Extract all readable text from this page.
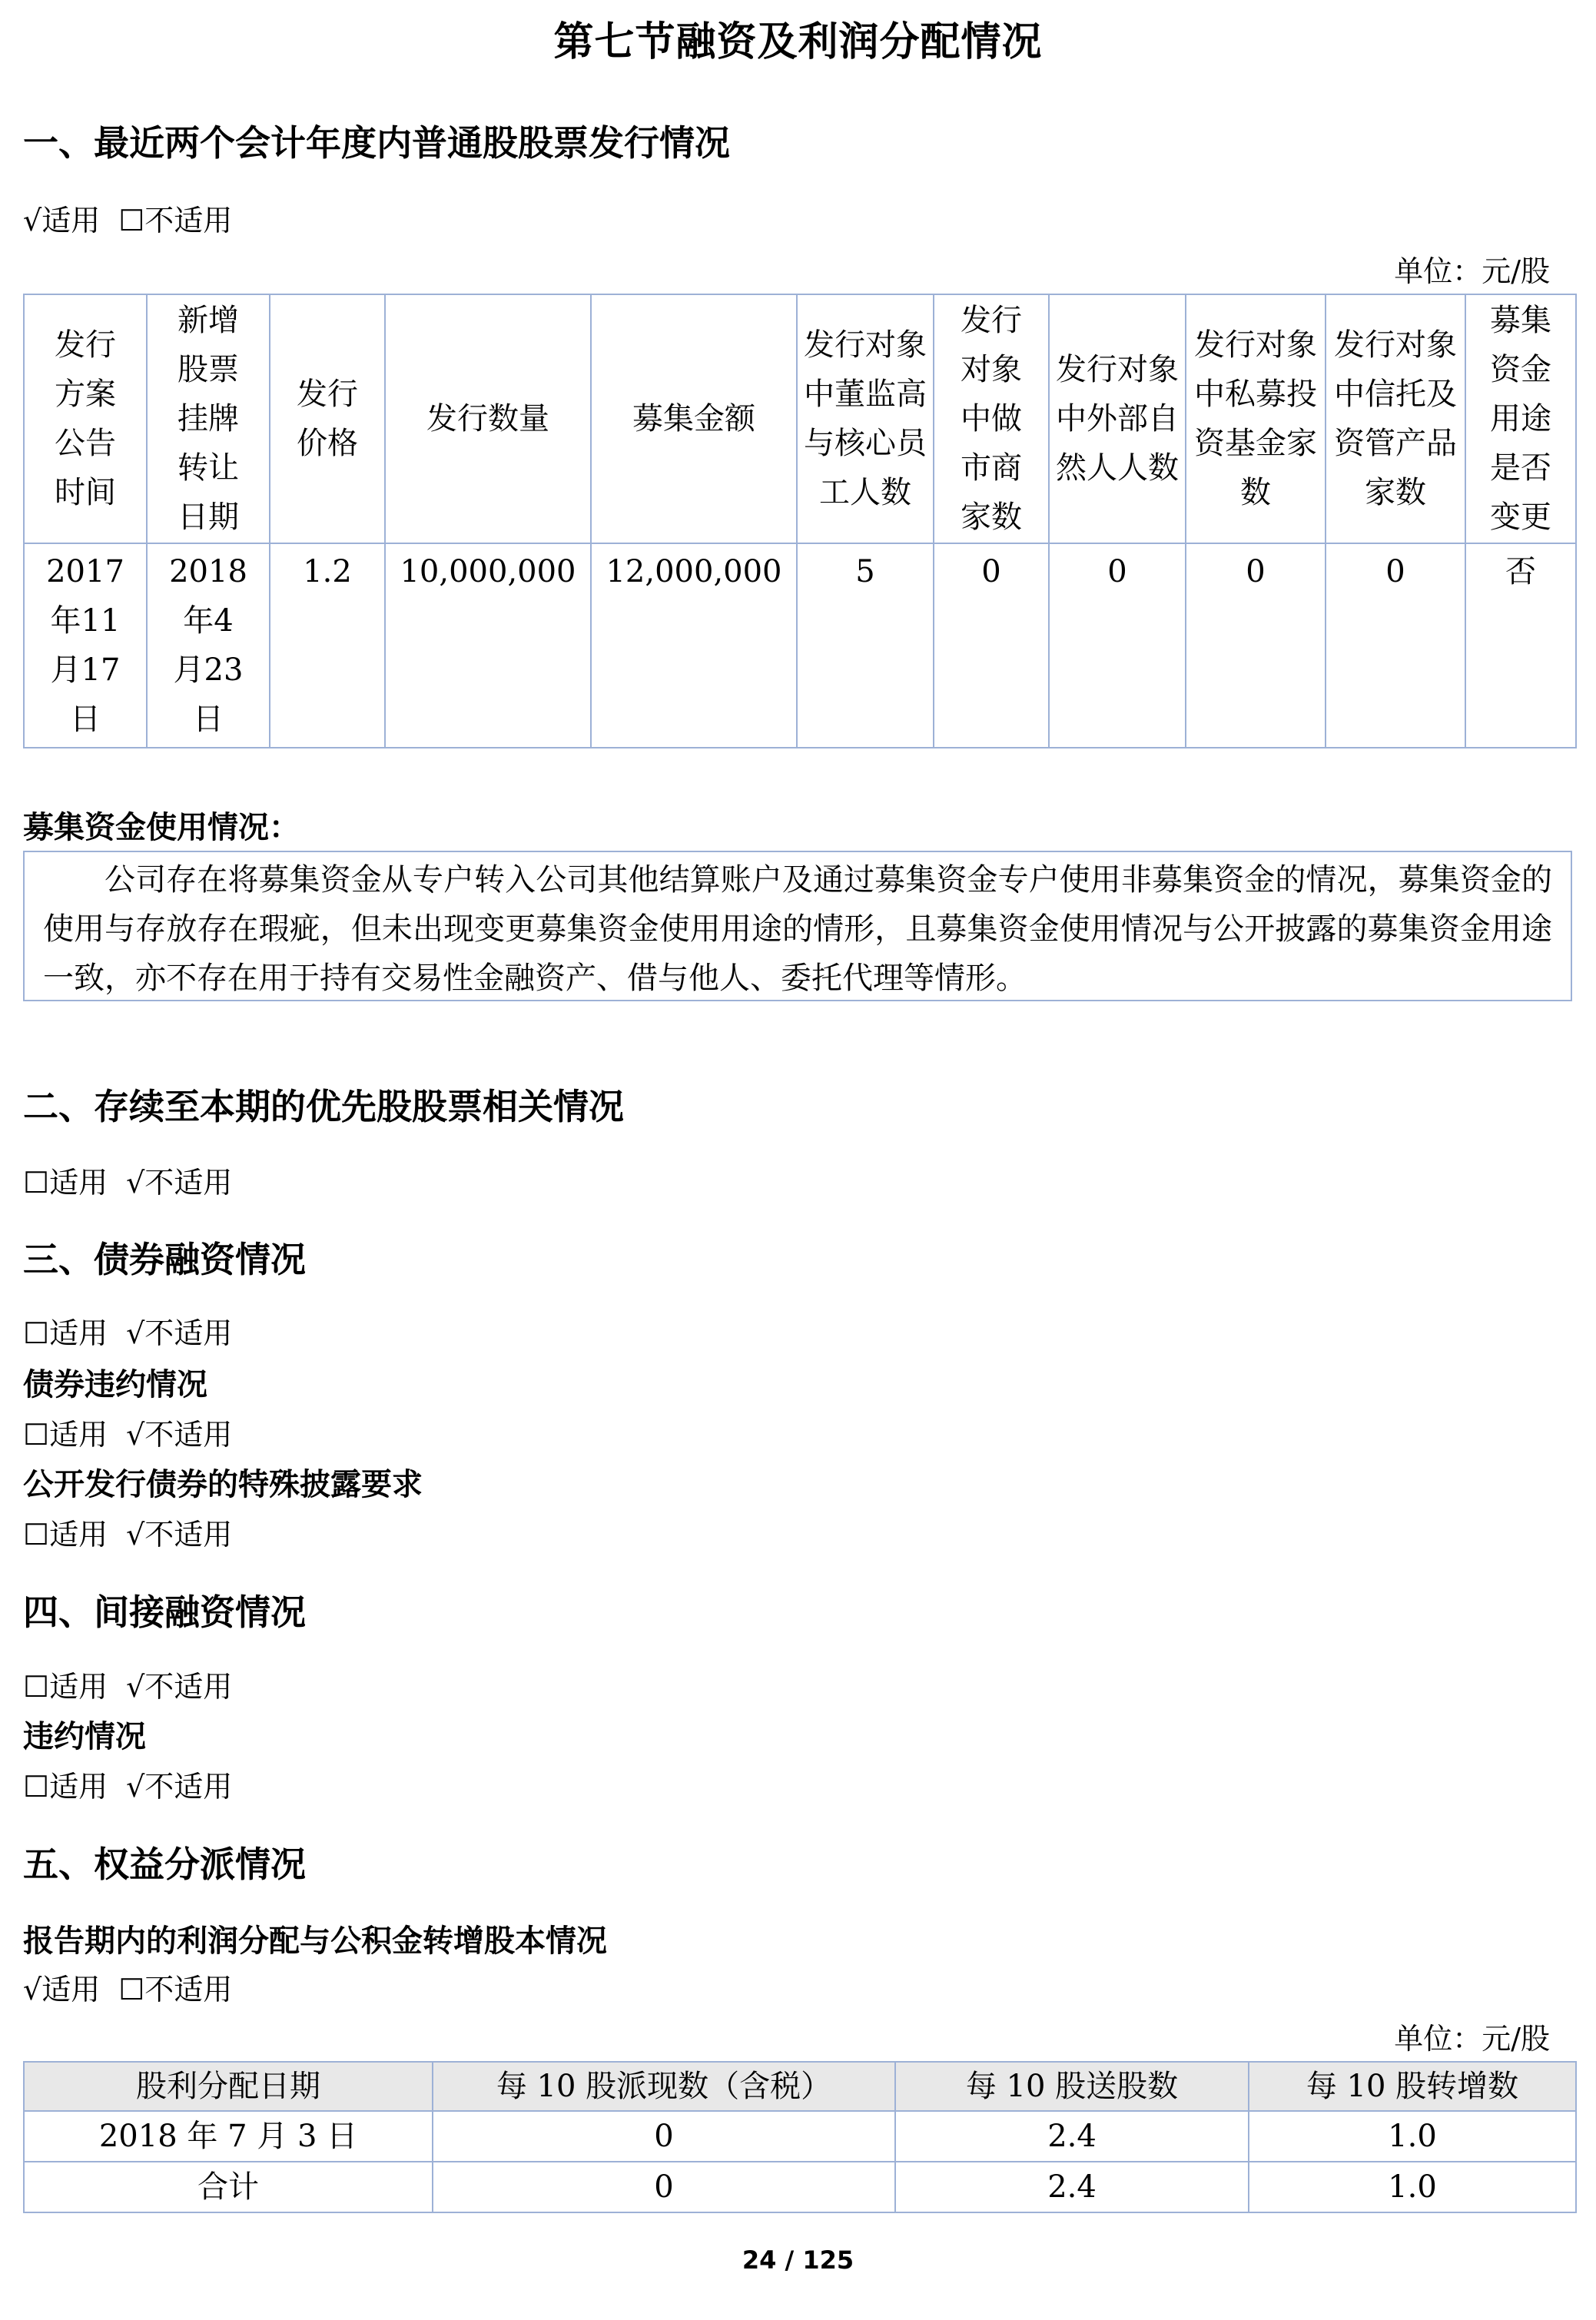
第七节融资及利润分配情况
一、最近两个会计年度内普通股股票发行情况
√适用 ☐不适用
单位：元/股
发行方案公告时间	新增股票挂牌转让日期	发行价格	发行数量	募集金额	发行对象中董监高与核心员工人数	发行对象中做市商家数	发行对象中外部自然人人数	发行对象中私募投资基金家数	发行对象中信托及资管产品家数	募集资金用途是否变更
2017年11月17日	2018年4月23日	1.2	10,000,000	12,000,000	5	0	0	0	0	否
募集资金使用情况：
公司存在将募集资金从专户转入公司其他结算账户及通过募集资金专户使用非募集资金的情况，募集资金的使用与存放存在瑕疵，但未出现变更募集资金使用用途的情形，且募集资金使用情况与公开披露的募集资金用途一致，亦不存在用于持有交易性金融资产、借与他人、委托代理等情形。
二、存续至本期的优先股股票相关情况
☐适用 √不适用
三、债券融资情况
☐适用 √不适用
债券违约情况
☐适用 √不适用
公开发行债券的特殊披露要求
☐适用 √不适用
四、间接融资情况
☐适用 √不适用
违约情况
☐适用 √不适用
五、权益分派情况
报告期内的利润分配与公积金转增股本情况
√适用 ☐不适用
单位：元/股
股利分配日期	每 10 股派现数（含税）	每 10 股送股数	每 10 股转增数
2018 年 7 月 3 日	0	2.4	1.0
合计	0	2.4	1.0
24 / 125
